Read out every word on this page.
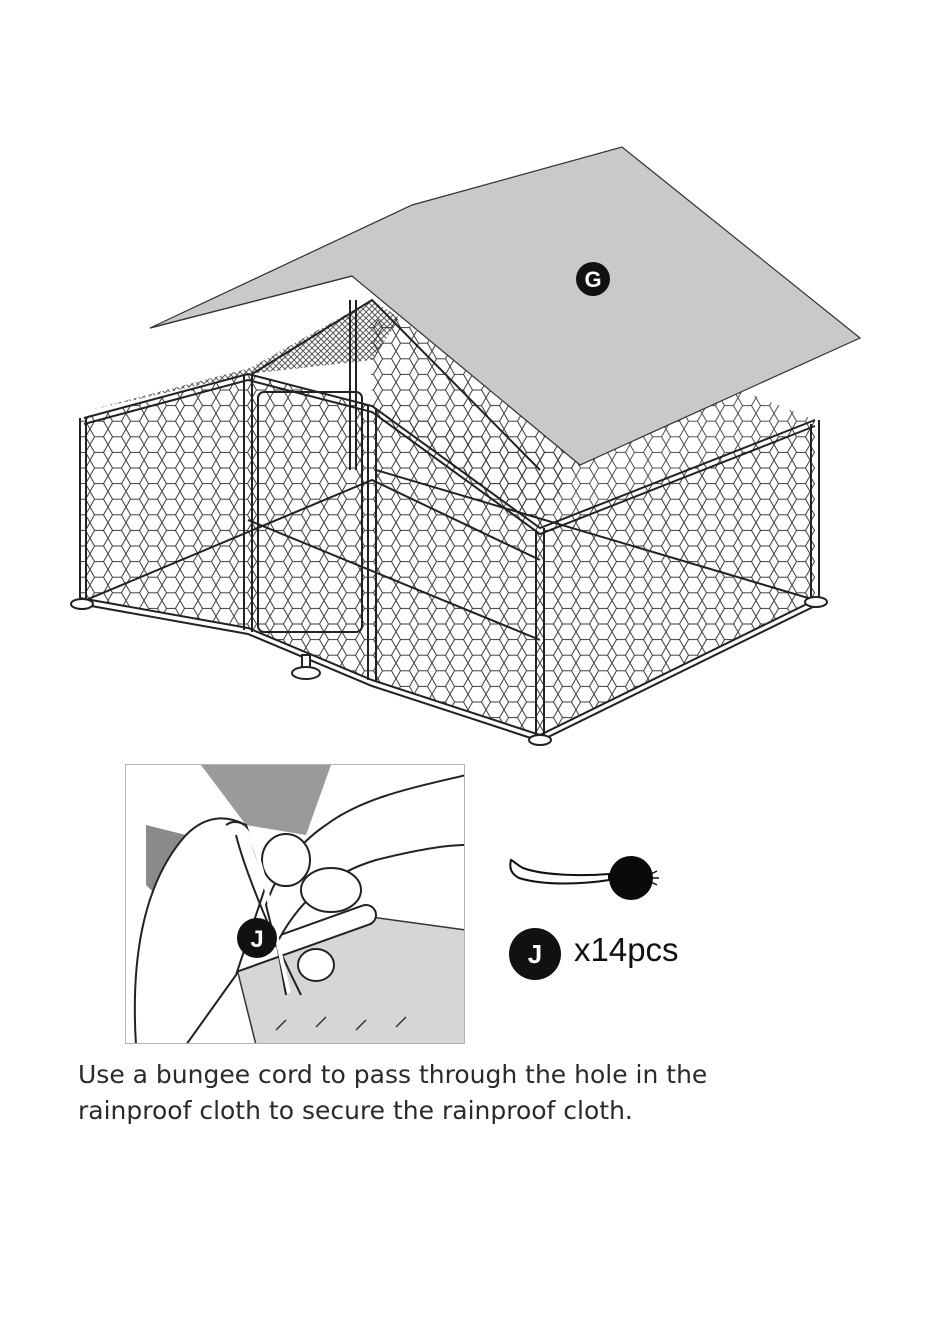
G
J	J x14pcs

Use a bungee cord to pass through the hole in the
rainproof cloth to secure the rainproof cloth.
